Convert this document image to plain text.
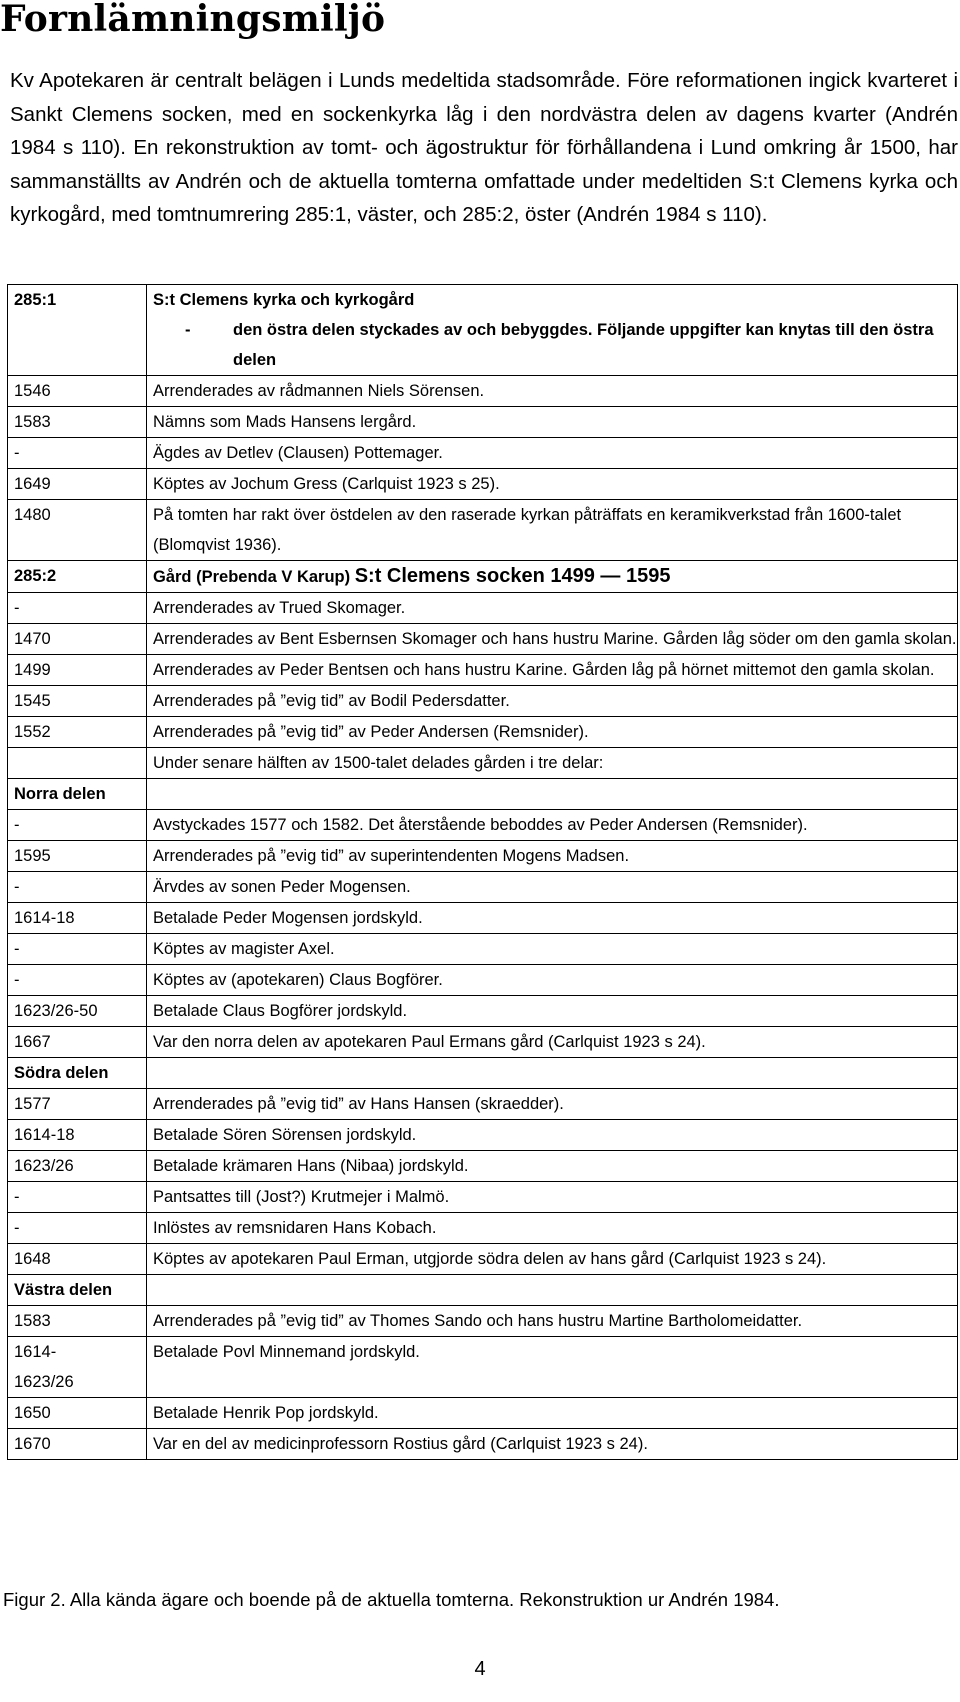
Fornlämningsmiljö

Kv Apotekaren är centralt belägen i Lunds medeltida stadsområde. Före reformationen ingick kvarteret i Sankt Clemens socken, med en sockenkyrka låg i den nordvästra delen av dagens kvarter (Andrén 1984 s 110). En rekonstruktion av tomt- och ägostruktur för förhållandena i Lund omkring år 1500, har sammanställts av Andrén och de aktuella tomterna omfattade under medeltiden S:t Clemens kyrka och kyrkogård, med tomtnumrering 285:1, väster, och 285:2, öster (Andrén 1984 s 110).

285:1	S:t Clemens kyrka och kyrkogård
- den östra delen styckades av och bebyggdes. Följande uppgifter kan knytas till den östra delen

1546	Arrenderades av rådmannen Niels Sörensen.
1583	Nämns som Mads Hansens lergård.
-	Ägdes av Detlev (Clausen) Pottemager.
1649	Köptes av Jochum Gress (Carlquist 1923 s 25).
1480	På tomten har rakt över östdelen av den raserade kyrkan påträffats en keramikverkstad från 1600-talet (Blomqvist 1936).
285:2	Gård (Prebenda V Karup) S:t Clemens socken 1499 — 1595
-	Arrenderades av Trued Skomager.
1470	Arrenderades av Bent Esbernsen Skomager och hans hustru Marine. Gården låg söder om den gamla skolan.
1499	Arrenderades av Peder Bentsen och hans hustru Karine. Gården låg på hörnet mittemot den gamla skolan.
1545	Arrenderades på ”evig tid” av Bodil Pedersdatter.
1552	Arrenderades på ”evig tid” av Peder Andersen (Remsnider).
	Under senare hälften av 1500-talet delades gården i tre delar:
Norra delen	
-	Avstyckades 1577 och 1582. Det återstående beboddes av Peder Andersen (Remsnider).
1595	Arrenderades på ”evig tid” av superintendenten Mogens Madsen.
-	Ärvdes av sonen Peder Mogensen.
1614-18	Betalade Peder Mogensen jordskyld.
-	Köptes av magister Axel.
-	Köptes av (apotekaren) Claus Bogförer.
1623/26-50	Betalade Claus Bogförer jordskyld.
1667	Var den norra delen av apotekaren Paul Ermans gård (Carlquist 1923 s 24).
Södra delen	
1577	Arrenderades på ”evig tid” av Hans Hansen (skraedder).
1614-18	Betalade Sören Sörensen jordskyld.
1623/26	Betalade krämaren Hans (Nibaa) jordskyld.
-	Pantsattes till (Jost?) Krutmejer i Malmö.
-	Inlöstes av remsnidaren Hans Kobach.
1648	Köptes av apotekaren Paul Erman, utgjorde södra delen av hans gård (Carlquist 1923 s 24).
Västra delen	
1583	Arrenderades på ”evig tid” av Thomes Sando och hans hustru Martine Bartholomeidatter.
1614-
1623/26	Betalade Povl Minnemand jordskyld.
1650	Betalade Henrik Pop jordskyld.
1670	Var en del av medicinprofessorn Rostius gård (Carlquist 1923 s 24).

Figur 2. Alla kända ägare och boende på de aktuella tomterna. Rekonstruktion ur Andrén 1984.

4
